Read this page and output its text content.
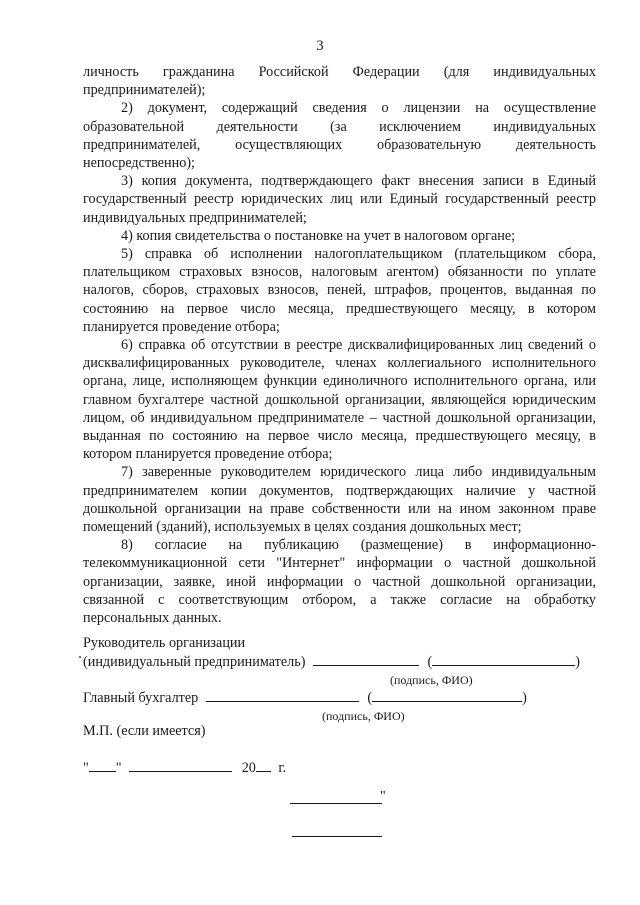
3

личность гражданина Российской Федерации (для индивидуальных предпринимателей);

2) документ, содержащий сведения о лицензии на осуществление образовательной деятельности (за исключением индивидуальных предпринимателей, осуществляющих образовательную деятельность непосредственно);

3) копия документа, подтверждающего факт внесения записи в Единый государственный реестр юридических лиц или Единый государственный реестр индивидуальных предпринимателей;

4) копия свидетельства о постановке на учет в налоговом органе;

5) справка об исполнении налогоплательщиком (плательщиком сбора, плательщиком страховых взносов, налоговым агентом) обязанности по уплате налогов, сборов, страховых взносов, пеней, штрафов, процентов, выданная по состоянию на первое число месяца, предшествующего месяцу, в котором планируется проведение отбора;

6) справка об отсутствии в реестре дисквалифицированных лиц сведений о дисквалифицированных руководителе, членах коллегиального исполнительного органа, лице, исполняющем функции единоличного исполнительного органа, или главном бухгалтере частной дошкольной организации, являющейся юридическим лицом, об индивидуальном предпринимателе – частной дошкольной организации, выданная по состоянию на первое число месяца, предшествующего месяцу, в котором планируется проведение отбора;

7) заверенные руководителем юридического лица либо индивидуальным предпринимателем копии документов, подтверждающих наличие у частной дошкольной организации на праве собственности или на ином законном праве помещений (зданий), используемых в целях создания дошкольных мест;

8) согласие на публикацию (размещение) в информационно-телекоммуникационной сети "Интернет" информации о частной дошкольной организации, заявке, иной информации о частной дошкольной организации, связанной с соответствующим отбором, а также согласие на обработку персональных данных.

Руководитель организации
(индивидуальный предприниматель)	(	)
(подпись, ФИО)
Главный бухгалтер	(	)
(подпись, ФИО)
М.П. (если имеется)
" "	20 г.
"
